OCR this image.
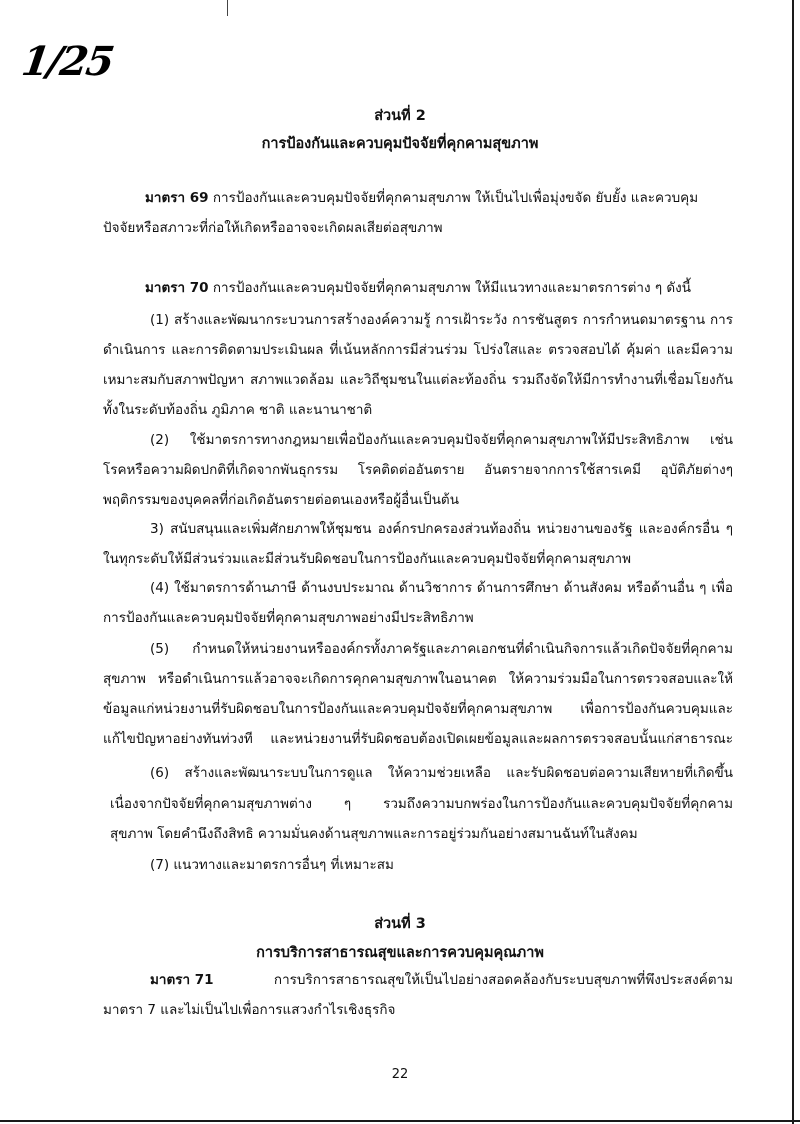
1/25
ส่วนที่ 2
การป้องกันและควบคุมปัจจัยที่คุกคามสุขภาพ
มาตรา 69 การป้องกันและควบคุมปัจจัยที่คุกคามสุขภาพ ให้เป็นไปเพื่อมุ่งขจัด ยับยั้ง และควบคุม
ปัจจัยหรือสภาวะที่ก่อให้เกิดหรืออาจจะเกิดผลเสียต่อสุขภาพ
มาตรา 70 การป้องกันและควบคุมปัจจัยที่คุกคามสุขภาพ ให้มีแนวทางและมาตรการต่าง ๆ ดังนี้
(1) สร้างและพัฒนากระบวนการสร้างองค์ความรู้ การเฝ้าระวัง การชันสูตร การกำหนดมาตรฐาน การ
ดำเนินการ และการติดตามประเมินผล ที่เน้นหลักการมีส่วนร่วม โปร่งใสและ ตรวจสอบได้ คุ้มค่า และมีความ
เหมาะสมกับสภาพปัญหา สภาพแวดล้อม และวิถีชุมชนในแต่ละท้องถิ่น รวมถึงจัดให้มีการทำงานที่เชื่อมโยงกัน
ทั้งในระดับท้องถิ่น ภูมิภาค ชาติ และนานาชาติ
(2) ใช้มาตรการทางกฎหมายเพื่อป้องกันและควบคุมปัจจัยที่คุกคามสุขภาพให้มีประสิทธิภาพ เช่น
โรคหรือความผิดปกติที่เกิดจากพันธุกรรม โรคติดต่ออันตราย อันตรายจากการใช้สารเคมี อุบัติภัยต่างๆ
พฤติกรรมของบุคคลที่ก่อเกิดอันตรายต่อตนเองหรือผู้อื่นเป็นต้น
3) สนับสนุนและเพิ่มศักยภาพให้ชุมชน องค์กรปกครองส่วนท้องถิ่น หน่วยงานของรัฐ และองค์กรอื่น ๆ
ในทุกระดับให้มีส่วนร่วมและมีส่วนรับผิดชอบในการป้องกันและควบคุมปัจจัยที่คุกคามสุขภาพ
(4) ใช้มาตรการด้านภาษี ด้านงบประมาณ ด้านวิชาการ ด้านการศึกษา ด้านสังคม หรือด้านอื่น ๆ เพื่อ
การป้องกันและควบคุมปัจจัยที่คุกคามสุขภาพอย่างมีประสิทธิภาพ
(5) กำหนดให้หน่วยงานหรือองค์กรทั้งภาครัฐและภาคเอกชนที่ดำเนินกิจการแล้วเกิดปัจจัยที่คุกคาม
สุขภาพ หรือดำเนินการแล้วอาจจะเกิดการคุกคามสุขภาพในอนาคต ให้ความร่วมมือในการตรวจสอบและให้
ข้อมูลแก่หน่วยงานที่รับผิดชอบในการป้องกันและควบคุมปัจจัยที่คุกคามสุขภาพ เพื่อการป้องกันควบคุมและ
แก้ไขปัญหาอย่างทันท่วงที และหน่วยงานที่รับผิดชอบต้องเปิดเผยข้อมูลและผลการตรวจสอบนั้นแก่สาธารณะ
(6) สร้างและพัฒนาระบบในการดูแล ให้ความช่วยเหลือ และรับผิดชอบต่อความเสียหายที่เกิดขึ้น
เนื่องจากปัจจัยที่คุกคามสุขภาพต่าง ๆ รวมถึงความบกพร่องในการป้องกันและควบคุมปัจจัยที่คุกคาม
สุขภาพ โดยคำนึงถึงสิทธิ ความมั่นคงด้านสุขภาพและการอยู่ร่วมกันอย่างสมานฉันท์ในสังคม
(7) แนวทางและมาตรการอื่นๆ ที่เหมาะสม
ส่วนที่ 3
การบริการสาธารณสุขและการควบคุมคุณภาพ
มาตรา 71	การบริการสาธารณสุขให้เป็นไปอย่างสอดคล้องกับระบบสุขภาพที่พึงประสงค์ตาม
มาตรา 7 และไม่เป็นไปเพื่อการแสวงกำไรเชิงธุรกิจ
22
